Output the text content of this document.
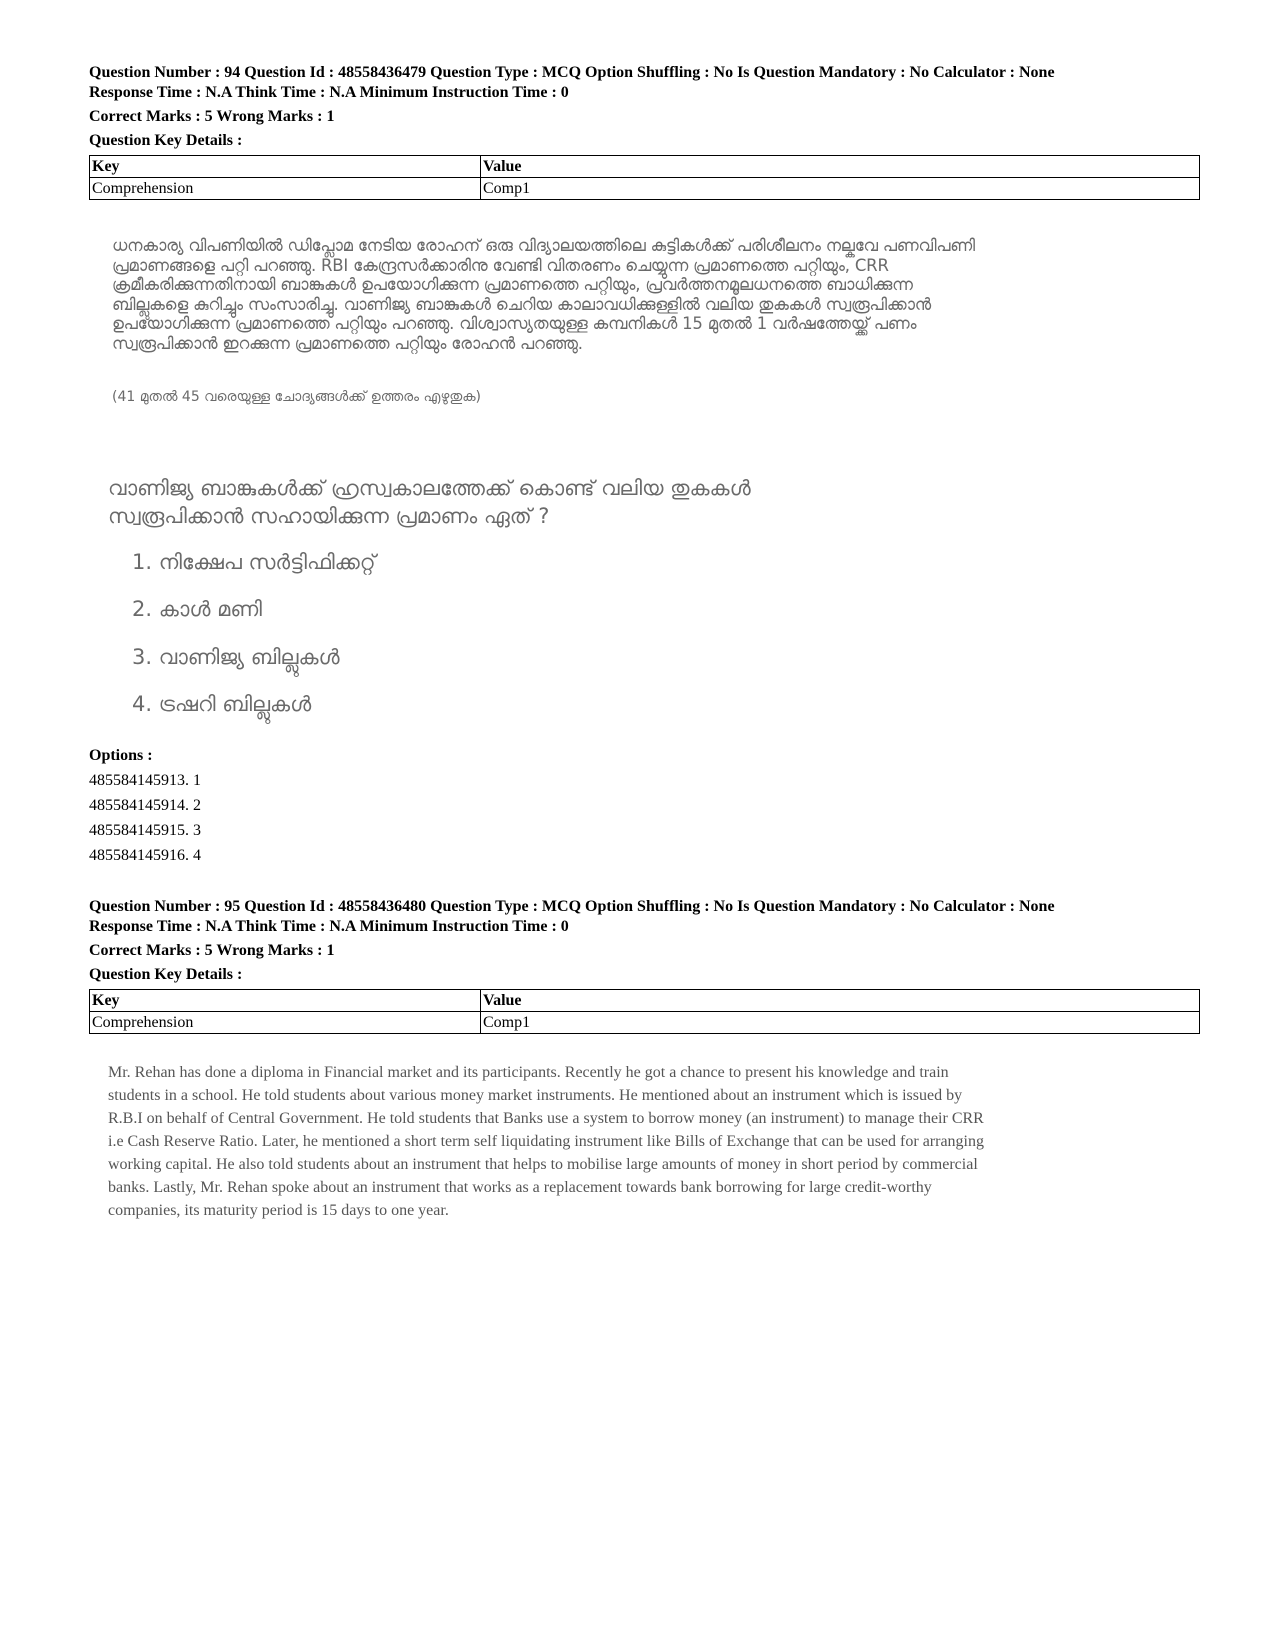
Question Number : 94 Question Id : 48558436479 Question Type : MCQ Option Shuffling : No Is Question Mandatory : No Calculator : None

Response Time : N.A Think Time : N.A Minimum Instruction Time : 0

Correct Marks : 5 Wrong Marks : 1

Question Key Details :

Key	Value
Comprehension	Comp1
ധനകാര്യ വിപണിയിൽ ഡിപ്ലോമ നേടിയ രോഹന് ഒരു വിദ്യാലയത്തിലെ കുട്ടികൾക്ക് പരിശീലനം നല്കവേ പണവിപണി പ്രമാണങ്ങളെ പറ്റി പറഞ്ഞു. RBI കേന്ദ്രസർക്കാരിനു വേണ്ടി വിതരണം ചെയ്യുന്ന പ്രമാണത്തെ പറ്റിയും, CRR ക്രമീകരിക്കുന്നതിനായി ബാങ്കുകൾ ഉപയോഗിക്കുന്ന പ്രമാണത്തെ പറ്റിയും, പ്രവർത്തനമൂലധനത്തെ ബാധിക്കുന്ന ബില്ലുകളെ കുറിച്ചും സംസാരിച്ചു. വാണിജ്യ ബാങ്കുകൾ ചെറിയ കാലാവധിക്കുള്ളിൽ വലിയ തുകകൾ സ്വരൂപിക്കാൻ ഉപയോഗിക്കുന്ന പ്രമാണത്തെ പറ്റിയും പറഞ്ഞു. വിശ്വാസ്യതയുള്ള കമ്പനികൾ 15 മുതൽ 1 വർഷത്തേയ്ക്ക് പണം സ്വരൂപിക്കാൻ ഇറക്കുന്ന പ്രമാണത്തെ പറ്റിയും രോഹൻ പറഞ്ഞു.
(41 മുതൽ 45 വരെയുള്ള ചോദ്യങ്ങൾക്ക് ഉത്തരം എഴുതുക)
വാണിജ്യ ബാങ്കുകൾക്ക് ഹ്രസ്വകാലത്തേക്ക് കൊണ്ട് വലിയ തുകകൾ സ്വരൂപിക്കാൻ സഹായിക്കുന്ന പ്രമാണം ഏത് ?
1. നിക്ഷേപ സർട്ടിഫിക്കറ്റ്
2. കാൾ മണി
3. വാണിജ്യ ബില്ലുകൾ
4. ട്രഷറി ബില്ലുകൾ
Options :
485584145913. 1
485584145914. 2
485584145915. 3
485584145916. 4

Question Number : 95 Question Id : 48558436480 Question Type : MCQ Option Shuffling : No Is Question Mandatory : No Calculator : None

Response Time : N.A Think Time : N.A Minimum Instruction Time : 0

Correct Marks : 5 Wrong Marks : 1

Question Key Details :

Key	Value
Comprehension	Comp1
Mr. Rehan has done a diploma in Financial market and its participants. Recently he got a chance to present his knowledge and train students in a school. He told students about various money market instruments. He mentioned about an instrument which is issued by R.B.I on behalf of Central Government. He told students that Banks use a system to borrow money (an instrument) to manage their CRR i.e Cash Reserve Ratio. Later, he mentioned a short term self liquidating instrument like Bills of Exchange that can be used for arranging working capital. He also told students about an instrument that helps to mobilise large amounts of money in short period by commercial banks. Lastly, Mr. Rehan spoke about an instrument that works as a replacement towards bank borrowing for large credit-worthy companies, its maturity period is 15 days to one year.
